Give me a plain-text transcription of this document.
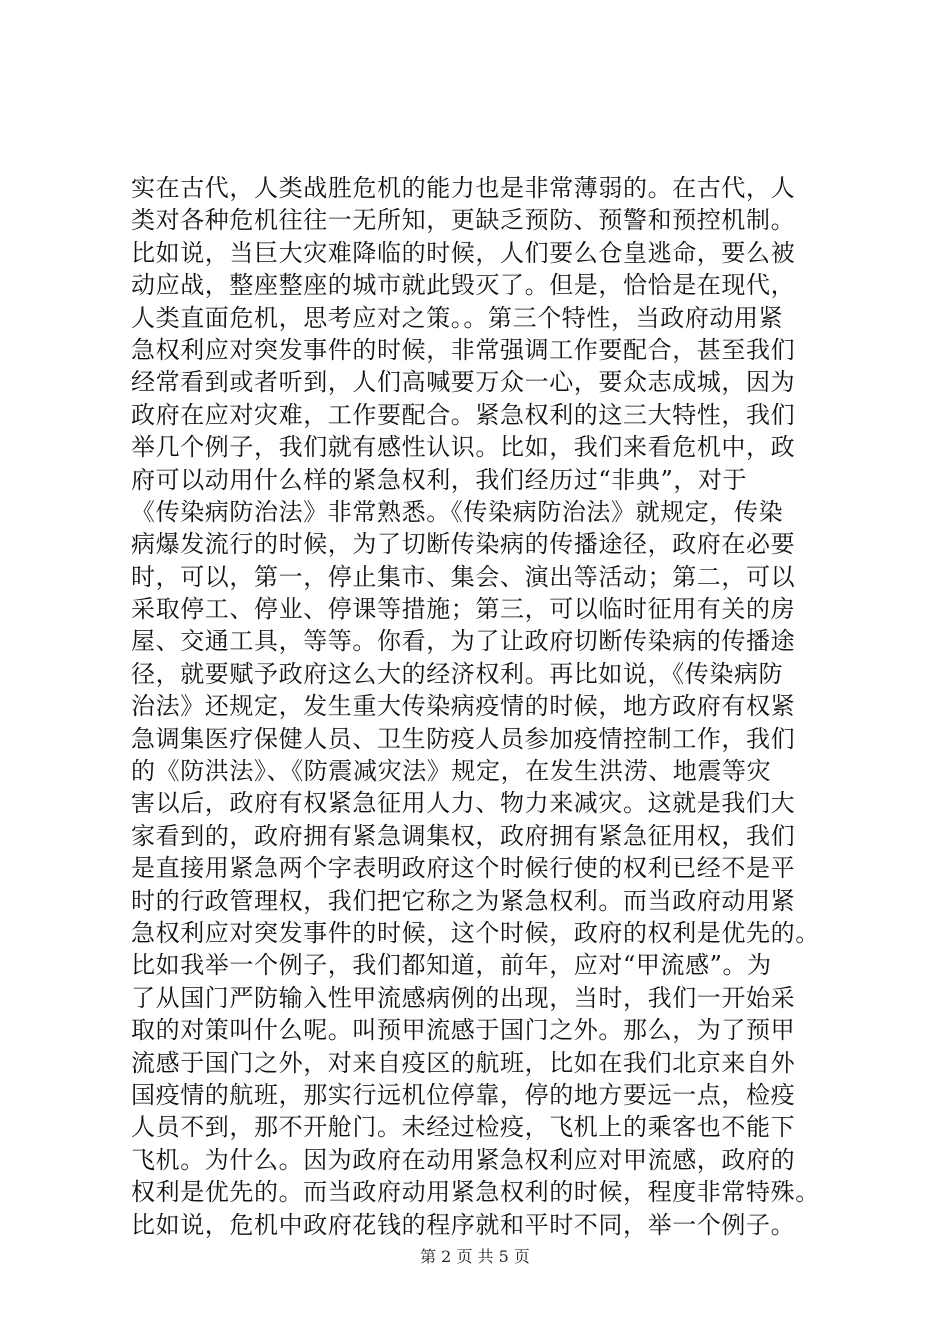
实在古代，人类战胜危机的能力也是非常薄弱的。在古代，人
类对各种危机往往一无所知，更缺乏预防、预警和预控机制。
比如说，当巨大灾难降临的时候，人们要么仓皇逃命，要么被
动应战，整座整座的城市就此毁灭了。但是，恰恰是在现代，
人类直面危机，思考应对之策。。第三个特性，当政府动用紧
急权利应对突发事件的时候，非常强调工作要配合，甚至我们
经常看到或者听到，人们高喊要万众一心，要众志成城，因为
政府在应对灾难，工作要配合。紧急权利的这三大特性，我们
举几个例子，我们就有感性认识。比如，我们来看危机中，政
府可以动用什么样的紧急权利，我们经历过“非典”，对于
《传染病防治法》非常熟悉。《传染病防治法》就规定，传染
病爆发流行的时候，为了切断传染病的传播途径，政府在必要
时，可以，第一，停止集市、集会、演出等活动；第二，可以
采取停工、停业、停课等措施；第三，可以临时征用有关的房
屋、交通工具，等等。你看，为了让政府切断传染病的传播途
径，就要赋予政府这么大的经济权利。再比如说，《传染病防
治法》还规定，发生重大传染病疫情的时候，地方政府有权紧
急调集医疗保健人员、卫生防疫人员参加疫情控制工作，我们
的《防洪法》、《防震减灾法》规定，在发生洪涝、地震等灾
害以后，政府有权紧急征用人力、物力来减灾。这就是我们大
家看到的，政府拥有紧急调集权，政府拥有紧急征用权，我们
是直接用紧急两个字表明政府这个时候行使的权利已经不是平
时的行政管理权，我们把它称之为紧急权利。而当政府动用紧
急权利应对突发事件的时候，这个时候，政府的权利是优先的。
比如我举一个例子，我们都知道，前年，应对“甲流感”。为
了从国门严防输入性甲流感病例的出现，当时，我们一开始采
取的对策叫什么呢。叫预甲流感于国门之外。那么，为了预甲
流感于国门之外，对来自疫区的航班，比如在我们北京来自外
国疫情的航班，那实行远机位停靠，停的地方要远一点，检疫
人员不到，那不开舱门。未经过检疫，飞机上的乘客也不能下
飞机。为什么。因为政府在动用紧急权利应对甲流感，政府的
权利是优先的。而当政府动用紧急权利的时候，程度非常特殊。
比如说，危机中政府花钱的程序就和平时不同，举一个例子。
第 2 页 共 5 页
